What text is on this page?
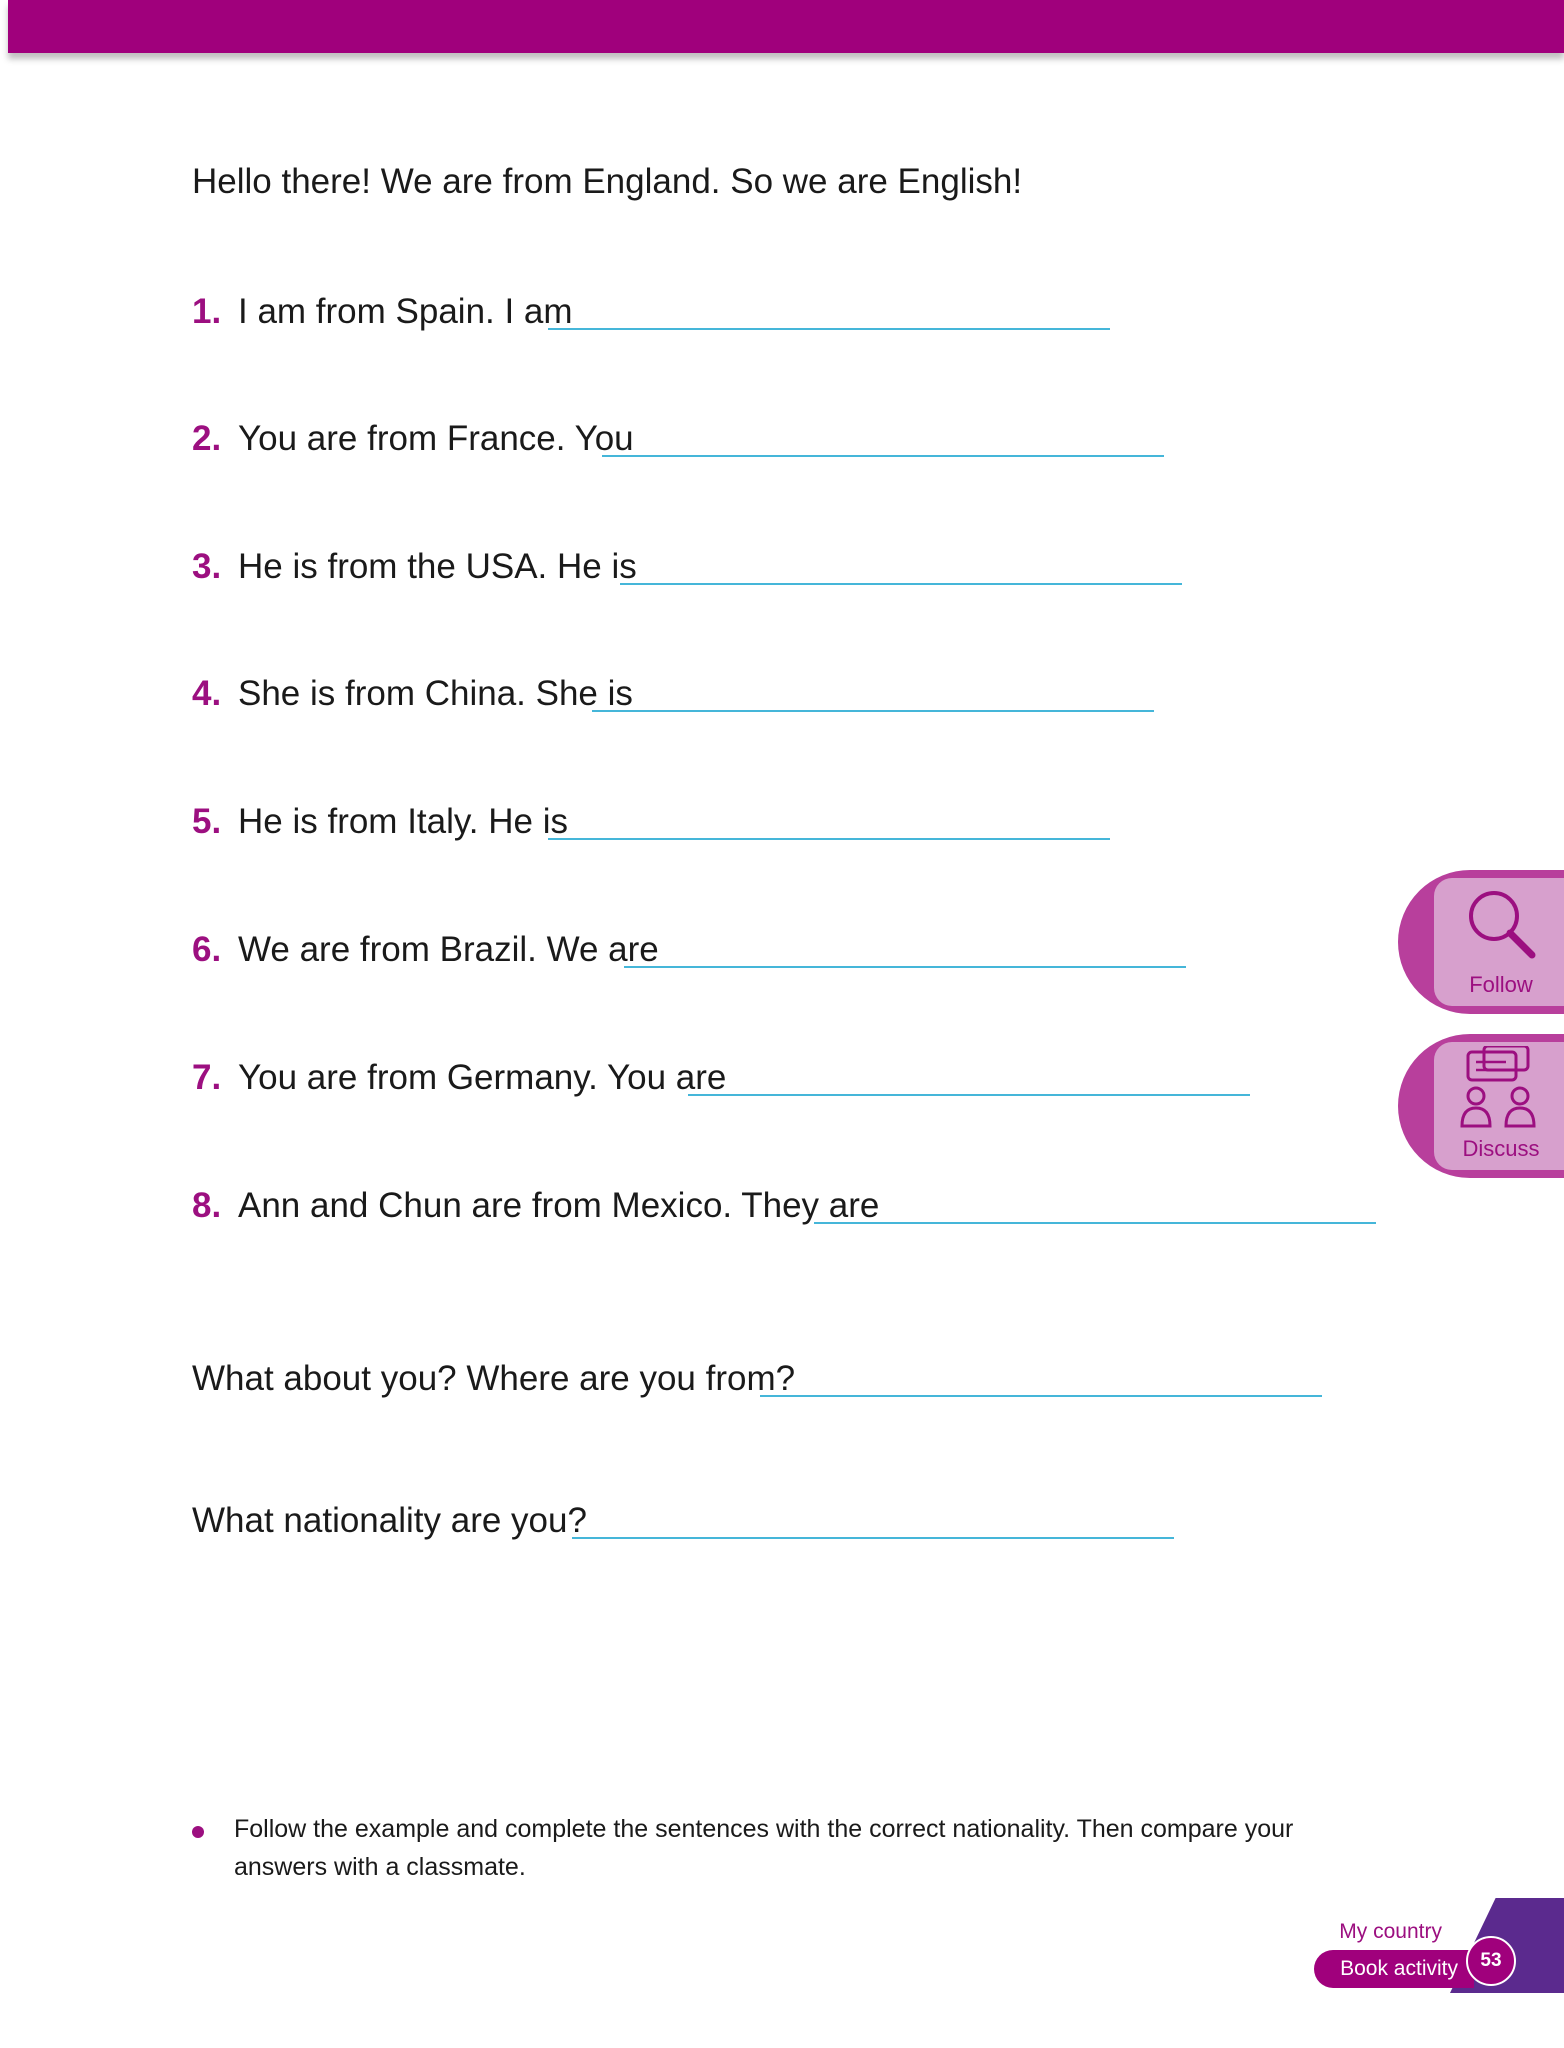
Hello there! We are from England. So we are English!
1. I am from Spain. I am
2. You are from France. You
3. He is from the USA. He is
4. She is from China. She is
5. He is from Italy. He is
6. We are from Brazil. We are
7. You are from Germany. You are
8. Ann and Chun are from Mexico. They are
What about you? Where are you from?
What nationality are you?
Follow the example and complete the sentences with the correct nationality. Then compare your answers with a classmate.
Follow
Discuss
My country
Book activity	53
